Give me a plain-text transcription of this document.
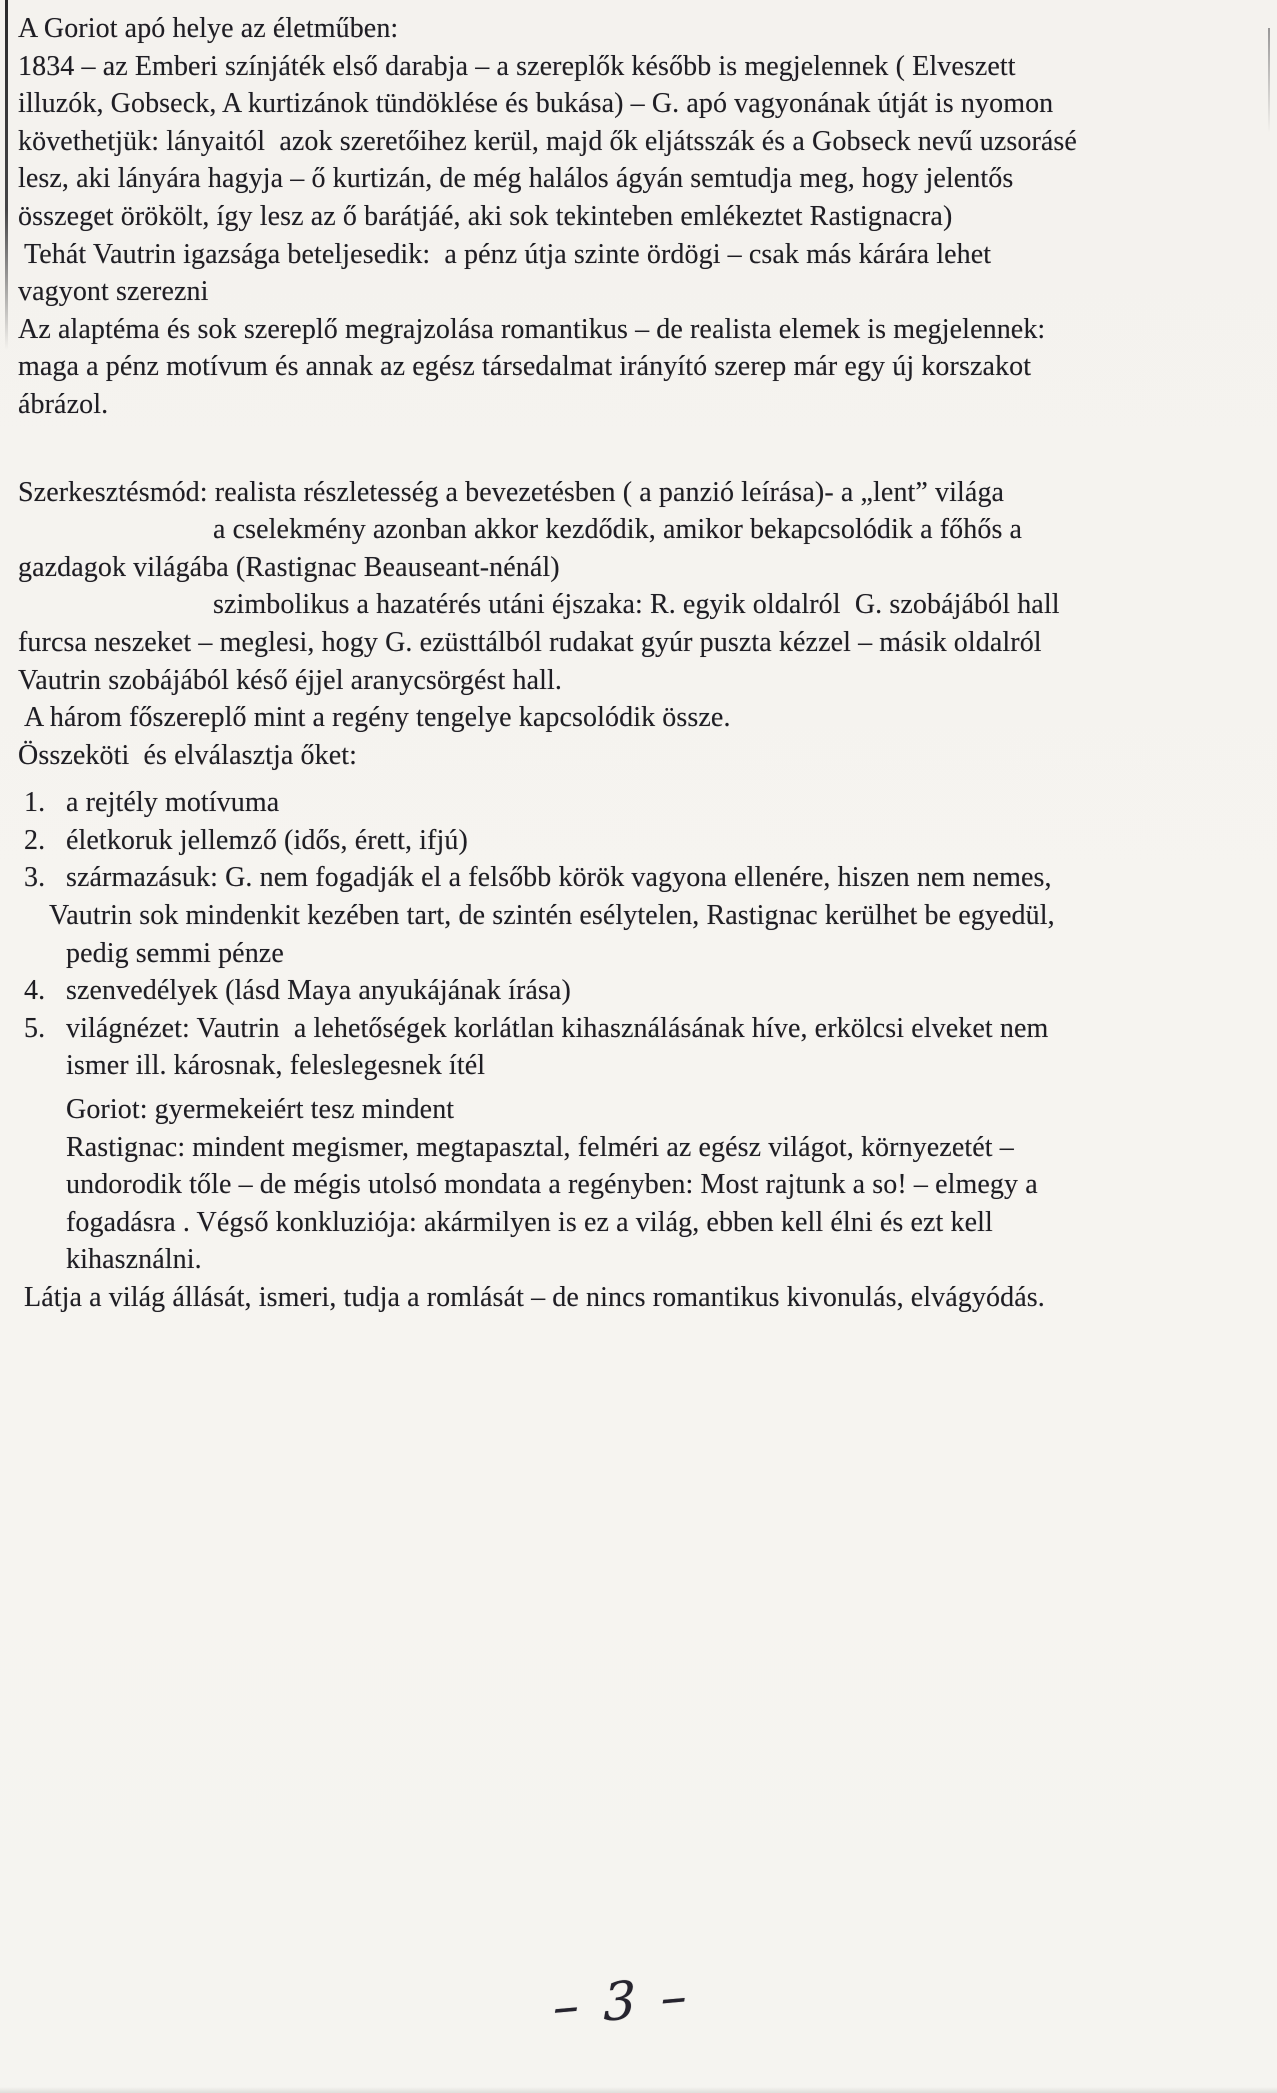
A Goriot apó helye az életműben:
1834 – az Emberi színjáték első darabja – a szereplők később is megjelennek ( Elveszett
illuzók, Gobseck, A kurtizánok tündöklése és bukása) – G. apó vagyonának útját is nyomon
követhetjük: lányaitól  azok szeretőihez kerül, majd ők eljátsszák és a Gobseck nevű uzsorásé
lesz, aki lányára hagyja – ő kurtizán, de még halálos ágyán semtudja meg, hogy jelentős
összeget örökölt, így lesz az ő barátjáé, aki sok tekinteben emlékeztet Rastignacra)
Tehát Vautrin igazsága beteljesedik:  a pénz útja szinte ördögi – csak más kárára lehet
vagyont szerezni
Az alaptéma és sok szereplő megrajzolása romantikus – de realista elemek is megjelennek:
maga a pénz motívum és annak az egész társedalmat irányító szerep már egy új korszakot
ábrázol.
Szerkesztésmód: realista részletesség a bevezetésben ( a panzió leírása)- a „lent” világa
a cselekmény azonban akkor kezdődik, amikor bekapcsolódik a főhős a
gazdagok világába (Rastignac Beauseant-nénál)
szimbolikus a hazatérés utáni éjszaka: R. egyik oldalról  G. szobájából hall
furcsa neszeket – meglesi, hogy G. ezüsttálból rudakat gyúr puszta kézzel – másik oldalról
Vautrin szobájából késő éjjel aranycsörgést hall.
A három főszereplő mint a regény tengelye kapcsolódik össze.
Összeköti  és elválasztja őket:
1. a rejtély motívuma
2. életkoruk jellemző (idős, érett, ifjú)
3. származásuk: G. nem fogadják el a felsőbb körök vagyona ellenére, hiszen nem nemes,
Vautrin sok mindenkit kezében tart, de szintén esélytelen, Rastignac kerülhet be egyedül,
pedig semmi pénze
4. szenvedélyek (lásd Maya anyukájának írása)
5. világnézet: Vautrin  a lehetőségek korlátlan kihasználásának híve, erkölcsi elveket nem
ismer ill. károsnak, feleslegesnek ítél
Goriot: gyermekeiért tesz mindent
Rastignac: mindent megismer, megtapasztal, felméri az egész világot, környezetét –
undorodik tőle – de mégis utolsó mondata a regényben: Most rajtunk a so! – elmegy a
fogadásra . Végső konkluziója: akármilyen is ez a világ, ebben kell élni és ezt kell
kihasználni.
Látja a világ állását, ismeri, tudja a romlását – de nincs romantikus kivonulás, elvágyódás.
– 3 –
